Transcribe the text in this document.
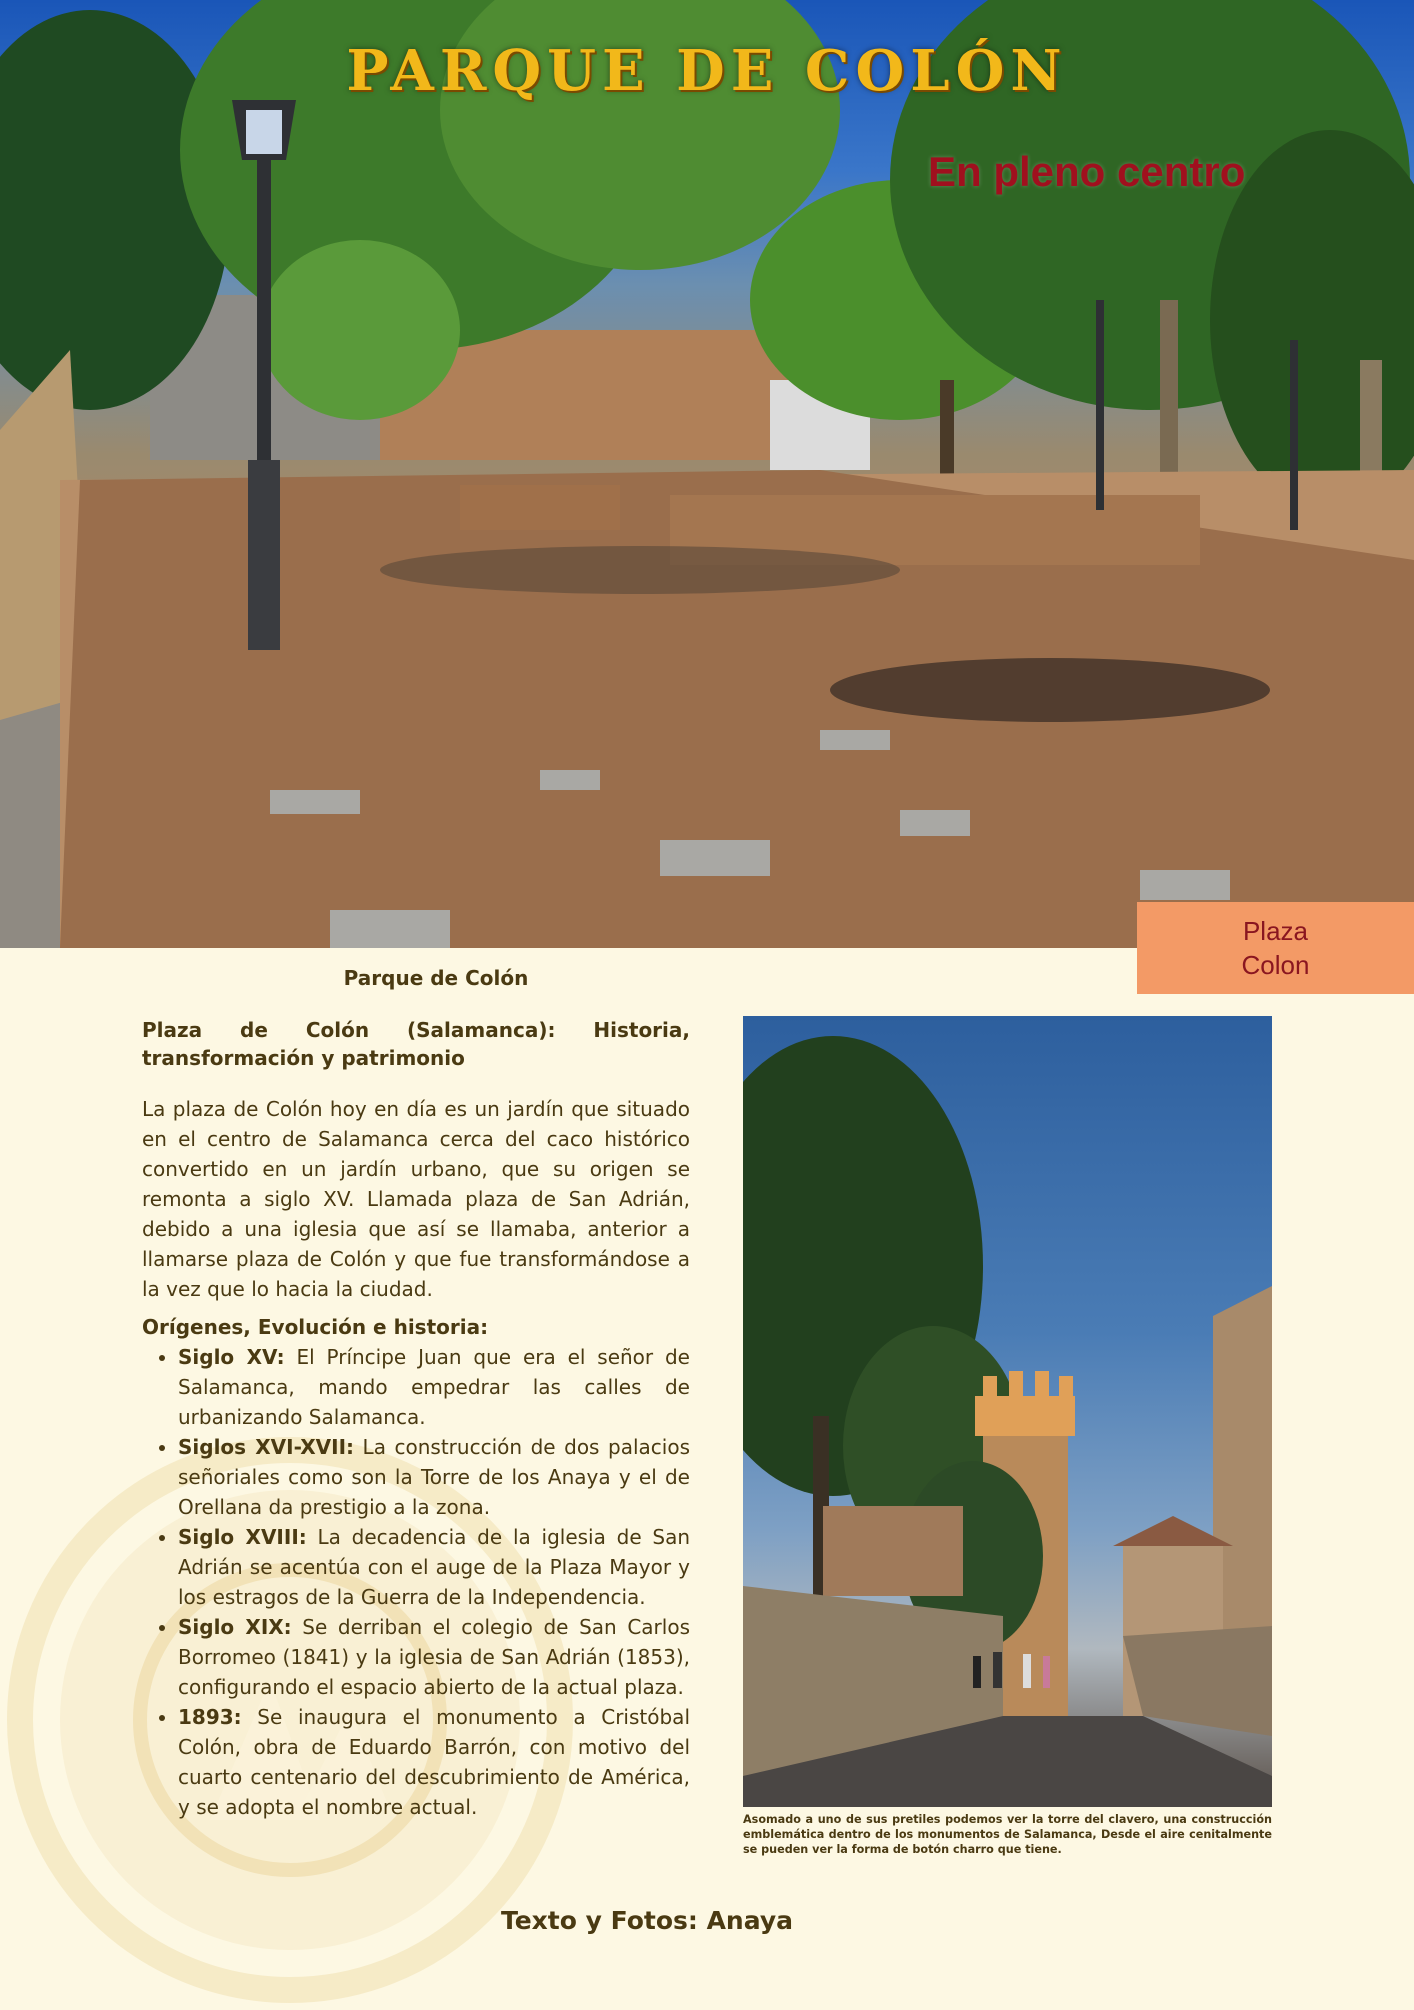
PARQUE DE COLÓN
En pleno centro
Plaza
Colon

Parque de Colón

Plaza de Colón (Salamanca): Historia, transformación y patrimonio

La plaza de Colón hoy en día es un jardín que situado en el centro de Salamanca cerca del caco histórico convertido en un jardín urbano, que su origen se remonta a siglo XV. Llamada plaza de San Adrián, debido a una iglesia que así se llamaba, anterior a llamarse plaza de Colón y que fue transformándose a la vez que lo hacia la ciudad.

Orígenes, Evolución e historia:

• Siglo XV: El Príncipe Juan que era el señor de Salamanca, mando empedrar las calles de urbanizando Salamanca.
• Siglos XVI-XVII: La construcción de dos palacios señoriales como son la Torre de los Anaya y el de Orellana da prestigio a la zona.
• Siglo XVIII: La decadencia de la iglesia de San Adrián se acentúa con el auge de la Plaza Mayor y los estragos de la Guerra de la Independencia.
• Siglo XIX: Se derriban el colegio de San Carlos Borromeo (1841) y la iglesia de San Adrián (1853), configurando el espacio abierto de la actual plaza.
• 1893: Se inaugura el monumento a Cristóbal Colón, obra de Eduardo Barrón, con motivo del cuarto centenario del descubrimiento de América, y se adopta el nombre actual.

Asomado a uno de sus pretiles podemos ver la torre del clavero, una construcción emblemática dentro de los monumentos de Salamanca, Desde el aire cenitalmente se pueden ver la forma de botón charro que tiene.

Texto y Fotos: Anaya
